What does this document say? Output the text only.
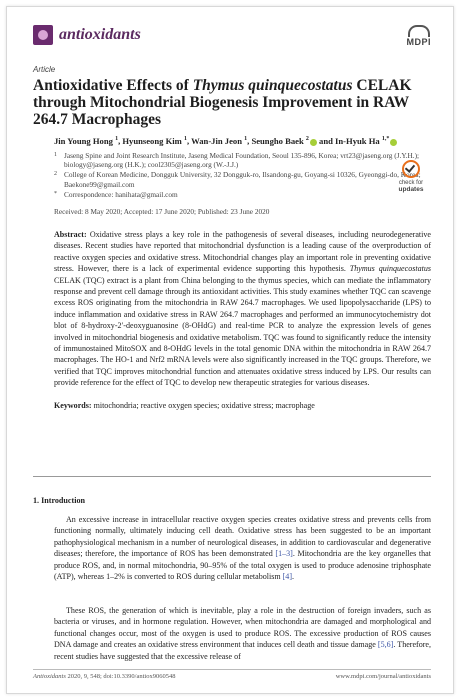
antioxidants	MDPI
Article
Antioxidative Effects of Thymus quinquecostatus CELAK through Mitochondrial Biogenesis Improvement in RAW 264.7 Macrophages
Jin Young Hong $^1$, Hyunseong Kim $^1$, Wan-Jin Jeon $^1$, Seungho Baek $^2$ and In-Hyuk Ha $^{1,*}$
1 Jaseng Spine and Joint Research Institute, Jaseng Medical Foundation, Seoul 135-896, Korea; vrt23@jaseng.org (J.Y.H.); biology@jaseng.org (H.K.); cool2305@jaseng.org (W.-J.J.)
2 College of Korean Medicine, Dongguk University, 32 Dongguk-ro, Ilsandong-gu, Goyang-si 10326, Gyeonggi-do, Korea; Baekone99@gmail.com
* Correspondence: hanihata@gmail.com
Received: 8 May 2020; Accepted: 17 June 2020; Published: 23 June 2020
Abstract: Oxidative stress plays a key role in the pathogenesis of several diseases, including neurodegenerative diseases. Recent studies have reported that mitochondrial dysfunction is a leading cause of the overproduction of reactive oxygen species and oxidative stress. Mitochondrial changes play an important role in preventing oxidative stress. However, there is a lack of experimental evidence supporting this hypothesis. Thymus quinquecostatus CELAK (TQC) extract is a plant from China belonging to the thymus species, which can mediate the inflammatory response and prevent cell damage through its antioxidant activities. This study examines whether TQC can scavenge excess ROS originating from the mitochondria in RAW 264.7 macrophages. We used lipopolysaccharide (LPS) to induce inflammation and oxidative stress in RAW 264.7 macrophages and performed an immunocytochemistry dot blot of 8-hydroxy-2′-deoxyguanosine (8-OHdG) and real-time PCR to analyze the expression levels of genes involved in mitochondrial biogenesis and oxidative metabolism. TQC was found to significantly reduce the intensity of immunostained MitoSOX and 8-OHdG levels in the total genomic DNA within the mitochondria in RAW 264.7 macrophages. The HO-1 and Nrf2 mRNA levels were also significantly increased in the TQC groups. Therefore, we verified that TQC improves mitochondrial function and attenuates oxidative stress induced by LPS. Our results can provide reference for the effect of TQC to develop new therapeutic strategies for various diseases.
Keywords: mitochondria; reactive oxygen species; oxidative stress; macrophage
check for
updates
1. Introduction
An excessive increase in intracellular reactive oxygen species creates oxidative stress and prevents cells from functioning normally, ultimately inducing cell death. Oxidative stress has been suggested to be an important pathophysiological mechanism in a number of neurological diseases, in addition to cardiovascular and degenerative diseases; therefore, the importance of ROS has been demonstrated [1–3]. Mitochondria are the key organelles that produce ROS, and, in normal mitochondria, 90–95% of the total oxygen is used to produce adenosine triphosphate (ATP), whereas 1–2% is converted to ROS during cellular metabolism [4].
These ROS, the generation of which is inevitable, play a role in the destruction of foreign invaders, such as bacteria or viruses, and in hormone regulation. However, when mitochondria are damaged and morphological and functional changes occur, most of the oxygen is used to produce ROS. The excessive production of ROS causes DNA damage and creates an oxidative stress environment that induces cell death and tissue damage [5,6]. Therefore, recent studies have suggested that the excessive release of
Antioxidants 2020, 9, 548; doi:10.3390/antiox9060548	www.mdpi.com/journal/antioxidants
